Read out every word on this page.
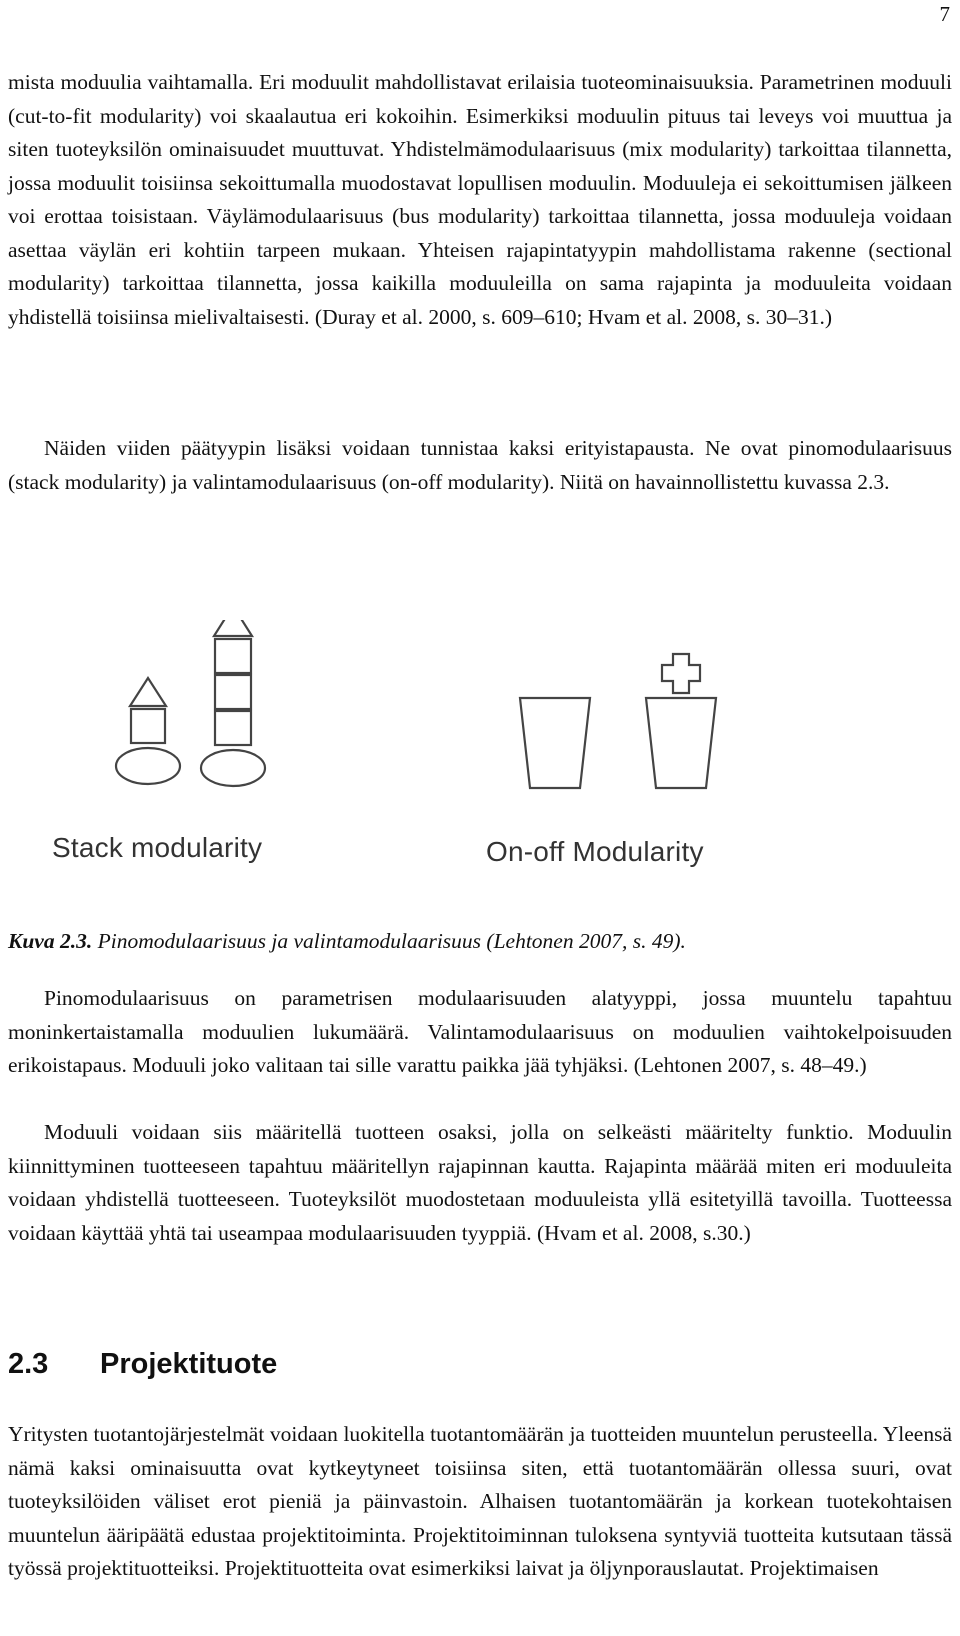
7

mista moduulia vaihtamalla. Eri moduulit mahdollistavat erilaisia tuoteominaisuuksia. Parametrinen moduuli (cut-to-fit modularity) voi skaalautua eri kokoihin. Esimerkiksi moduulin pituus tai leveys voi muuttua ja siten tuoteyksilön ominaisuudet muuttuvat. Yhdistelmämodulaarisuus (mix modularity) tarkoittaa tilannetta, jossa moduulit toisiinsa sekoittumalla muodostavat lopullisen moduulin. Moduuleja ei sekoittumisen jälkeen voi erottaa toisistaan. Väylämodulaarisuus (bus modularity) tarkoittaa tilannetta, jossa moduuleja voidaan asettaa väylän eri kohtiin tarpeen mukaan. Yhteisen rajapintatyypin mahdollistama rakenne (sectional modularity) tarkoittaa tilannetta, jossa kaikilla moduuleilla on sama rajapinta ja moduuleita voidaan yhdistellä toisiinsa mielivaltaisesti. (Duray et al. 2000, s. 609–610; Hvam et al. 2008, s. 30–31.)

Näiden viiden päätyypin lisäksi voidaan tunnistaa kaksi erityistapausta. Ne ovat pinomodulaarisuus (stack modularity) ja valintamodulaarisuus (on-off modularity). Niitä on havainnollistettu kuvassa 2.3.

Stack modularity	On-off Modularity

Kuva 2.3. Pinomodulaarisuus ja valintamodulaarisuus (Lehtonen 2007, s. 49).

Pinomodulaarisuus on parametrisen modulaarisuuden alatyyppi, jossa muuntelu tapahtuu moninkertaistamalla moduulien lukumäärä. Valintamodulaarisuus on moduulien vaihtokelpoisuuden erikoistapaus. Moduuli joko valitaan tai sille varattu paikka jää tyhjäksi. (Lehtonen 2007, s. 48–49.)

Moduuli voidaan siis määritellä tuotteen osaksi, jolla on selkeästi määritelty funktio. Moduulin kiinnittyminen tuotteeseen tapahtuu määritellyn rajapinnan kautta. Rajapinta määrää miten eri moduuleita voidaan yhdistellä tuotteeseen. Tuoteyksilöt muodostetaan moduuleista yllä esitetyillä tavoilla. Tuotteessa voidaan käyttää yhtä tai useampaa modulaarisuuden tyyppiä. (Hvam et al. 2008, s.30.)

2.3 Projektituote

Yritysten tuotantojärjestelmät voidaan luokitella tuotantomäärän ja tuotteiden muuntelun perusteella. Yleensä nämä kaksi ominaisuutta ovat kytkeytyneet toisiinsa siten, että tuotantomäärän ollessa suuri, ovat tuoteyksilöiden väliset erot pieniä ja päinvastoin. Alhaisen tuotantomäärän ja korkean tuotekohtaisen muuntelun ääripäätä edustaa projektitoiminta. Projektitoiminnan tuloksena syntyviä tuotteita kutsutaan tässä työssä projektituotteiksi. Projektituotteita ovat esimerkiksi laivat ja öljynporauslautat. Projektimaisen
